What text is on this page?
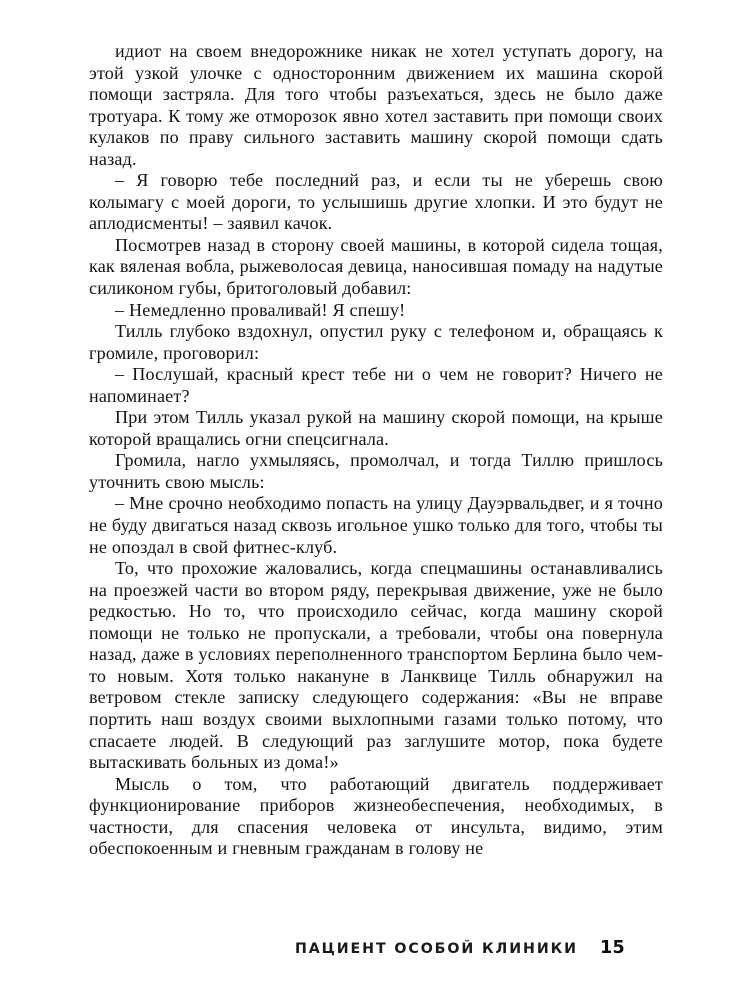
идиот на своем внедорожнике никак не хотел уступать дорогу, на этой узкой улочке с односторонним движением их машина скорой помощи застряла. Для того чтобы разъехаться, здесь не было даже тротуара. К тому же отморозок явно хотел заставить при помощи своих кулаков по праву сильного заставить машину скорой помощи сдать назад.

– Я говорю тебе последний раз, и если ты не уберешь свою колымагу с моей дороги, то услышишь другие хлопки. И это будут не аплодисменты! – заявил качок.

Посмотрев назад в сторону своей машины, в которой сидела тощая, как вяленая вобла, рыжеволосая девица, наносившая помаду на надутые силиконом губы, бритоголовый добавил:

– Немедленно проваливай! Я спешу!

Тилль глубоко вздохнул, опустил руку с телефоном и, обращаясь к громиле, проговорил:

– Послушай, красный крест тебе ни о чем не говорит? Ничего не напоминает?

При этом Тилль указал рукой на машину скорой помощи, на крыше которой вращались огни спецсигнала.

Громила, нагло ухмыляясь, промолчал, и тогда Тиллю пришлось уточнить свою мысль:

– Мне срочно необходимо попасть на улицу Дауэрвальдвег, и я точно не буду двигаться назад сквозь игольное ушко только для того, чтобы ты не опоздал в свой фитнес-клуб.

То, что прохожие жаловались, когда спецмашины останавливались на проезжей части во втором ряду, перекрывая движение, уже не было редкостью. Но то, что происходило сейчас, когда машину скорой помощи не только не пропускали, а требовали, чтобы она повернула назад, даже в условиях переполненного транспортом Берлина было чем-то новым. Хотя только накануне в Ланквице Тилль обнаружил на ветровом стекле записку следующего содержания: «Вы не вправе портить наш воздух своими выхлопными газами только потому, что спасаете людей. В следующий раз заглушите мотор, пока будете вытаскивать больных из дома!»

Мысль о том, что работающий двигатель поддерживает функционирование приборов жизнеобеспечения, необходимых, в частности, для спасения человека от инсульта, видимо, этим обеспокоенным и гневным гражданам в голову не

ПАЦИЕНТ ОСОБОЙ КЛИНИКИ 15
